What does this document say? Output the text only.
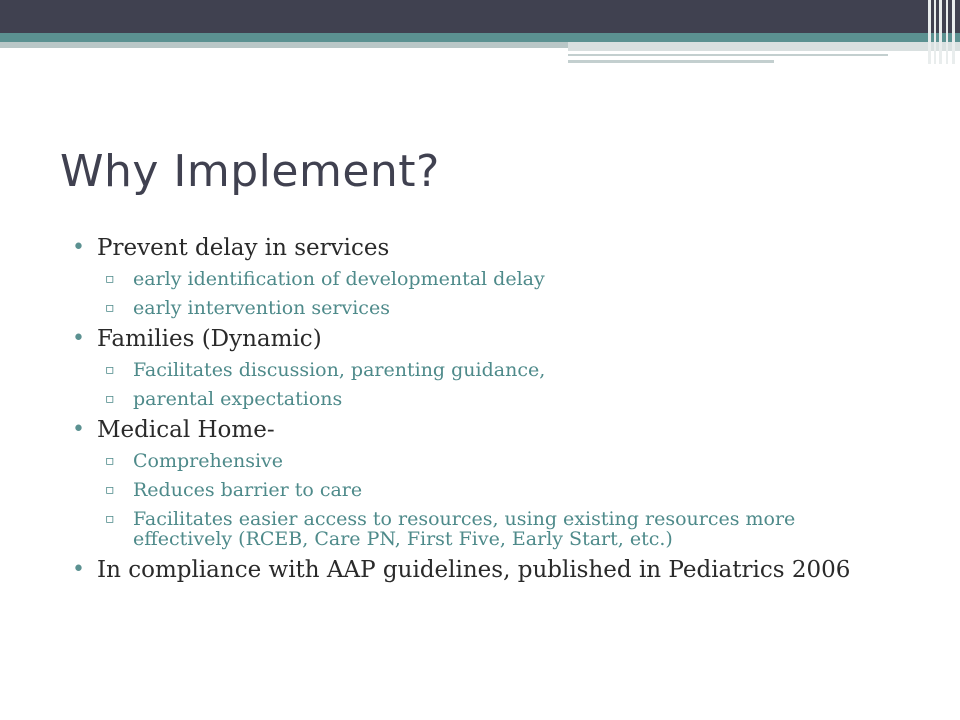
Why Implement?

• Prevent delay in services

▫ early identification of developmental delay

▫ early intervention services

• Families (Dynamic)

▫ Facilitates discussion, parenting guidance,

▫ parental expectations

• Medical Home-

▫ Comprehensive

▫ Reduces barrier to care

▫ Facilitates easier access to resources, using existing resources more effectively (RCEB, Care PN, First Five, Early Start, etc.)

• In compliance with AAP guidelines, published in Pediatrics 2006
